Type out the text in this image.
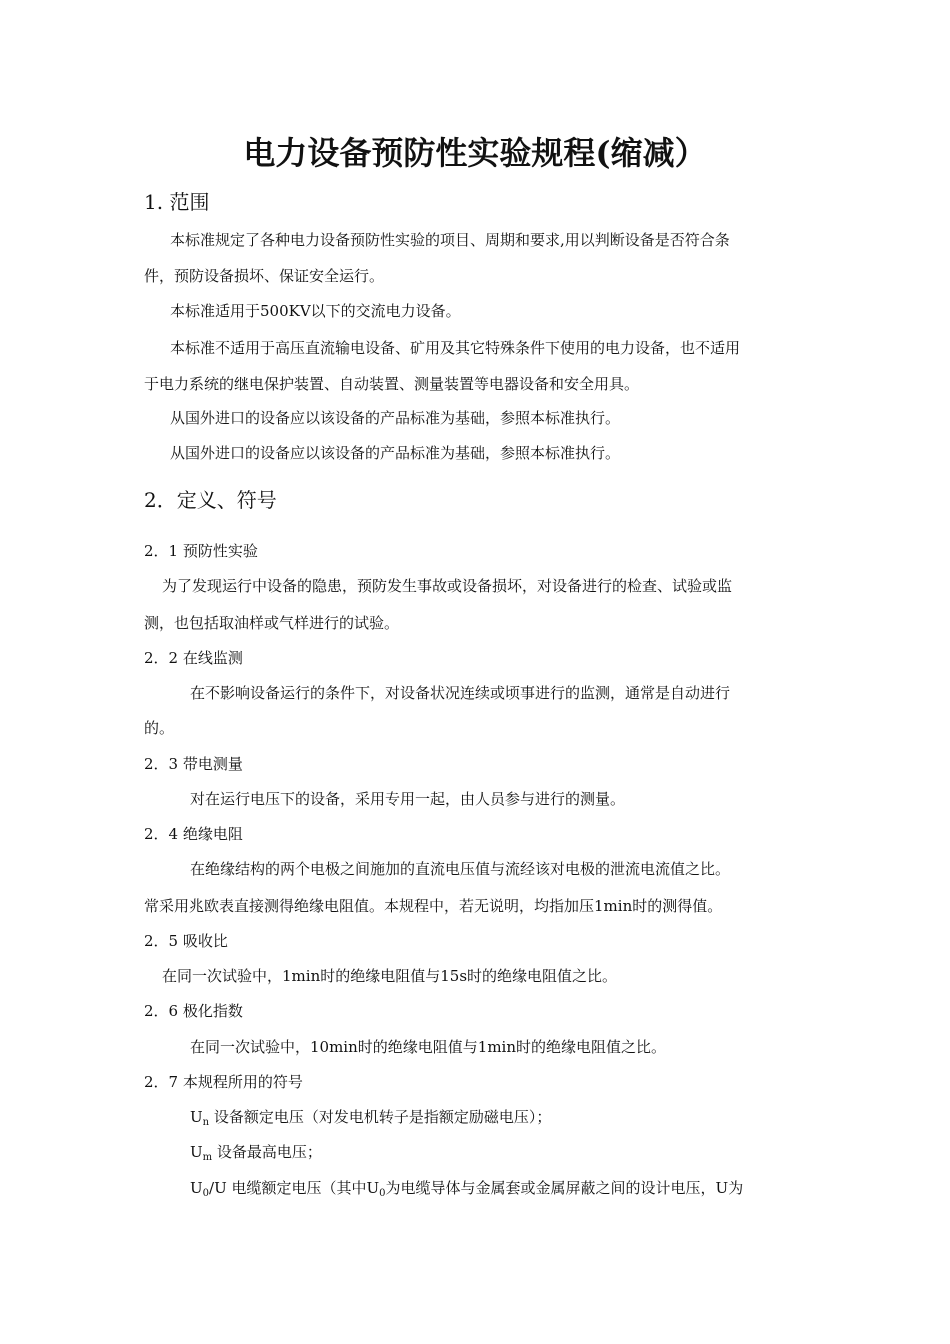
电力设备预防性实验规程(缩减）
1. 范围

本标准规定了各种电力设备预防性实验的项目、周期和要求,用以判断设备是否符合条

件，预防设备损坏、保证安全运行。

本标准适用于500KV以下的交流电力设备。

本标准不适用于高压直流输电设备、矿用及其它特殊条件下使用的电力设备，也不适用

于电力系统的继电保护装置、自动装置、测量装置等电器设备和安全用具。

从国外进口的设备应以该设备的产品标准为基础，参照本标准执行。

从国外进口的设备应以该设备的产品标准为基础，参照本标准执行。

2．定义、符号

2．1 预防性实验

为了发现运行中设备的隐患，预防发生事故或设备损坏，对设备进行的检查、试验或监

测，也包括取油样或气样进行的试验。

2．2 在线监测

在不影响设备运行的条件下，对设备状况连续或顷事进行的监测，通常是自动进行

的。

2．3 带电测量

对在运行电压下的设备，采用专用一起，由人员参与进行的测量。

2．4 绝缘电阻

在绝缘结构的两个电极之间施加的直流电压值与流经该对电极的泄流电流值之比。

常采用兆欧表直接测得绝缘电阻值。本规程中，若无说明，均指加压1min时的测得值。

2．5 吸收比

在同一次试验中，1min时的绝缘电阻值与15s时的绝缘电阻值之比。

2．6 极化指数

在同一次试验中，10min时的绝缘电阻值与1min时的绝缘电阻值之比。

2．7 本规程所用的符号

$U_n$ 设备额定电压（对发电机转子是指额定励磁电压）；

$U_m$ 设备最高电压；

$U_0/U$ 电缆额定电压（其中$U_0$为电缆导体与金属套或金属屏蔽之间的设计电压，U为
